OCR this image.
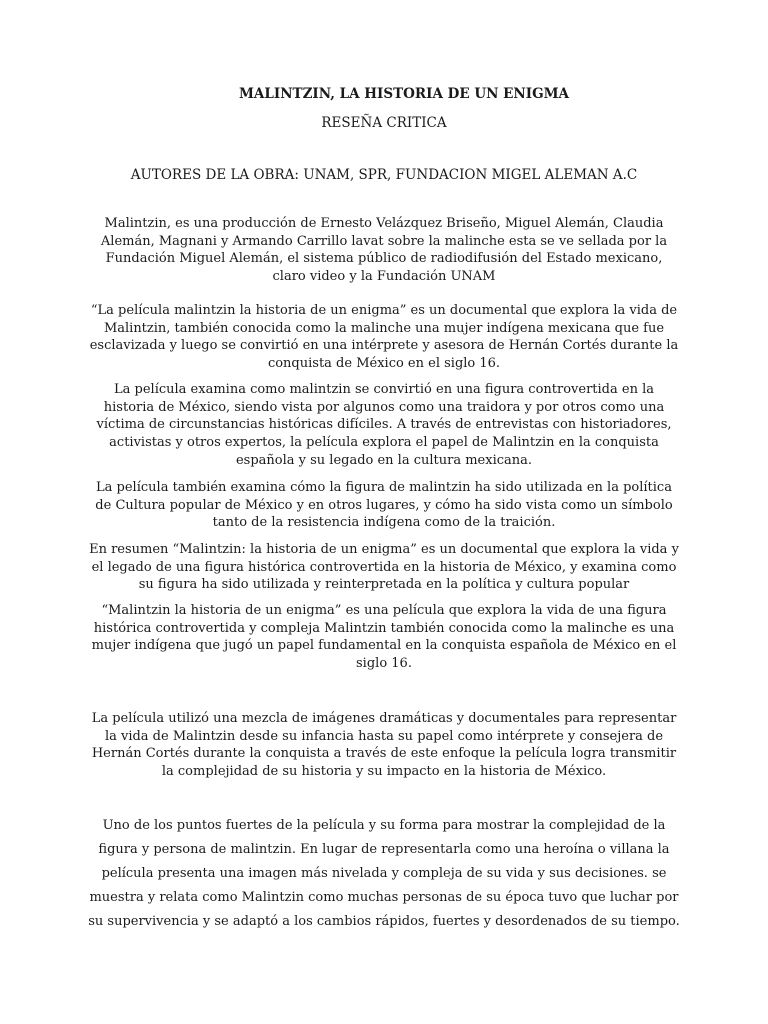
MALINTZIN, LA HISTORIA DE UN ENIGMA
RESEÑA CRITICA
AUTORES DE LA OBRA: UNAM, SPR, FUNDACION MIGEL ALEMAN A.C

Malintzin, es una producción de Ernesto Velázquez Briseño, Miguel Alemán, Claudia Alemán, Magnani y Armando Carrillo lavat sobre la malinche esta se ve sellada por la Fundación Miguel Alemán, el sistema público de radiodifusión del Estado mexicano, claro video y la Fundación UNAM

“La película malintzin la historia de un enigma” es un documental que explora la vida de Malintzin, también conocida como la malinche una mujer indígena mexicana que fue esclavizada y luego se convirtió en una intérprete y asesora de Hernán Cortés durante la conquista de México en el siglo 16.

La película examina como malintzin se convirtió en una figura controvertida en la historia de México, siendo vista por algunos como una traidora y por otros como una víctima de circunstancias históricas difíciles. A través de entrevistas con historiadores, activistas y otros expertos, la película explora el papel de Malintzin en la conquista española y su legado en la cultura mexicana.

La película también examina cómo la figura de malintzin ha sido utilizada en la política de Cultura popular de México y en otros lugares, y cómo ha sido vista como un símbolo tanto de la resistencia indígena como de la traición.

En resumen “Malintzin: la historia de un enigma” es un documental que explora la vida y el legado de una figura histórica controvertida en la historia de México, y examina como su figura ha sido utilizada y reinterpretada en la política y cultura popular

“Malintzin la historia de un enigma” es una película que explora la vida de una figura histórica controvertida y compleja Malintzin también conocida como la malinche es una mujer indígena que jugó un papel fundamental en la conquista española de México en el siglo 16.

La película utilizó una mezcla de imágenes dramáticas y documentales para representar la vida de Malintzin desde su infancia hasta su papel como intérprete y consejera de Hernán Cortés durante la conquista a través de este enfoque la película logra transmitir la complejidad de su historia y su impacto en la historia de México.

Uno de los puntos fuertes de la película y su forma para mostrar la complejidad de la figura y persona de malintzin. En lugar de representarla como una heroína o villana la película presenta una imagen más nivelada y compleja de su vida y sus decisiones. se muestra y relata como Malintzin como muchas personas de su época tuvo que luchar por su supervivencia y se adaptó a los cambios rápidos, fuertes y desordenados de su tiempo.
